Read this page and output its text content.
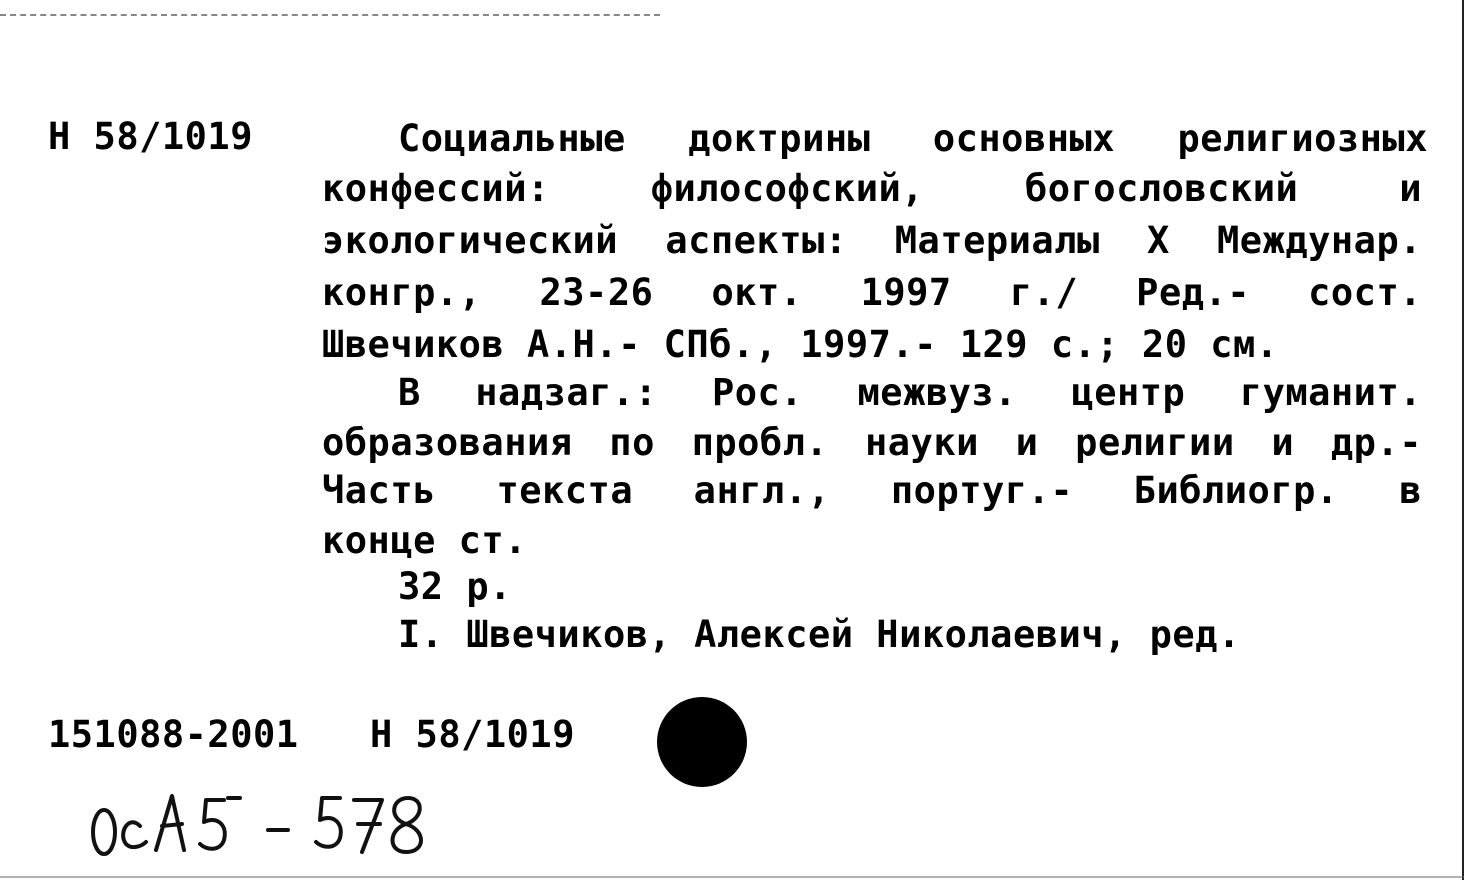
Н 58/1019	Социальные доктрины основных религиозных
конфессий: философский, богословский и
экологический аспекты: Материалы Х Междунар.
конгр., 23-26 окт. 1997 г./ Ред.- сост.
Швечиков А.Н.- СПб., 1997.- 129 с.; 20 см.
В надзаг.: Рос. межвуз. центр гуманит.
образования по пробл. науки и религии и др.-
Часть текста англ., португ.- Библиогр. в
конце ст.
32 р.
I. Швечиков, Алексей Николаевич, ред.
151088-2001 Н 58/1019
